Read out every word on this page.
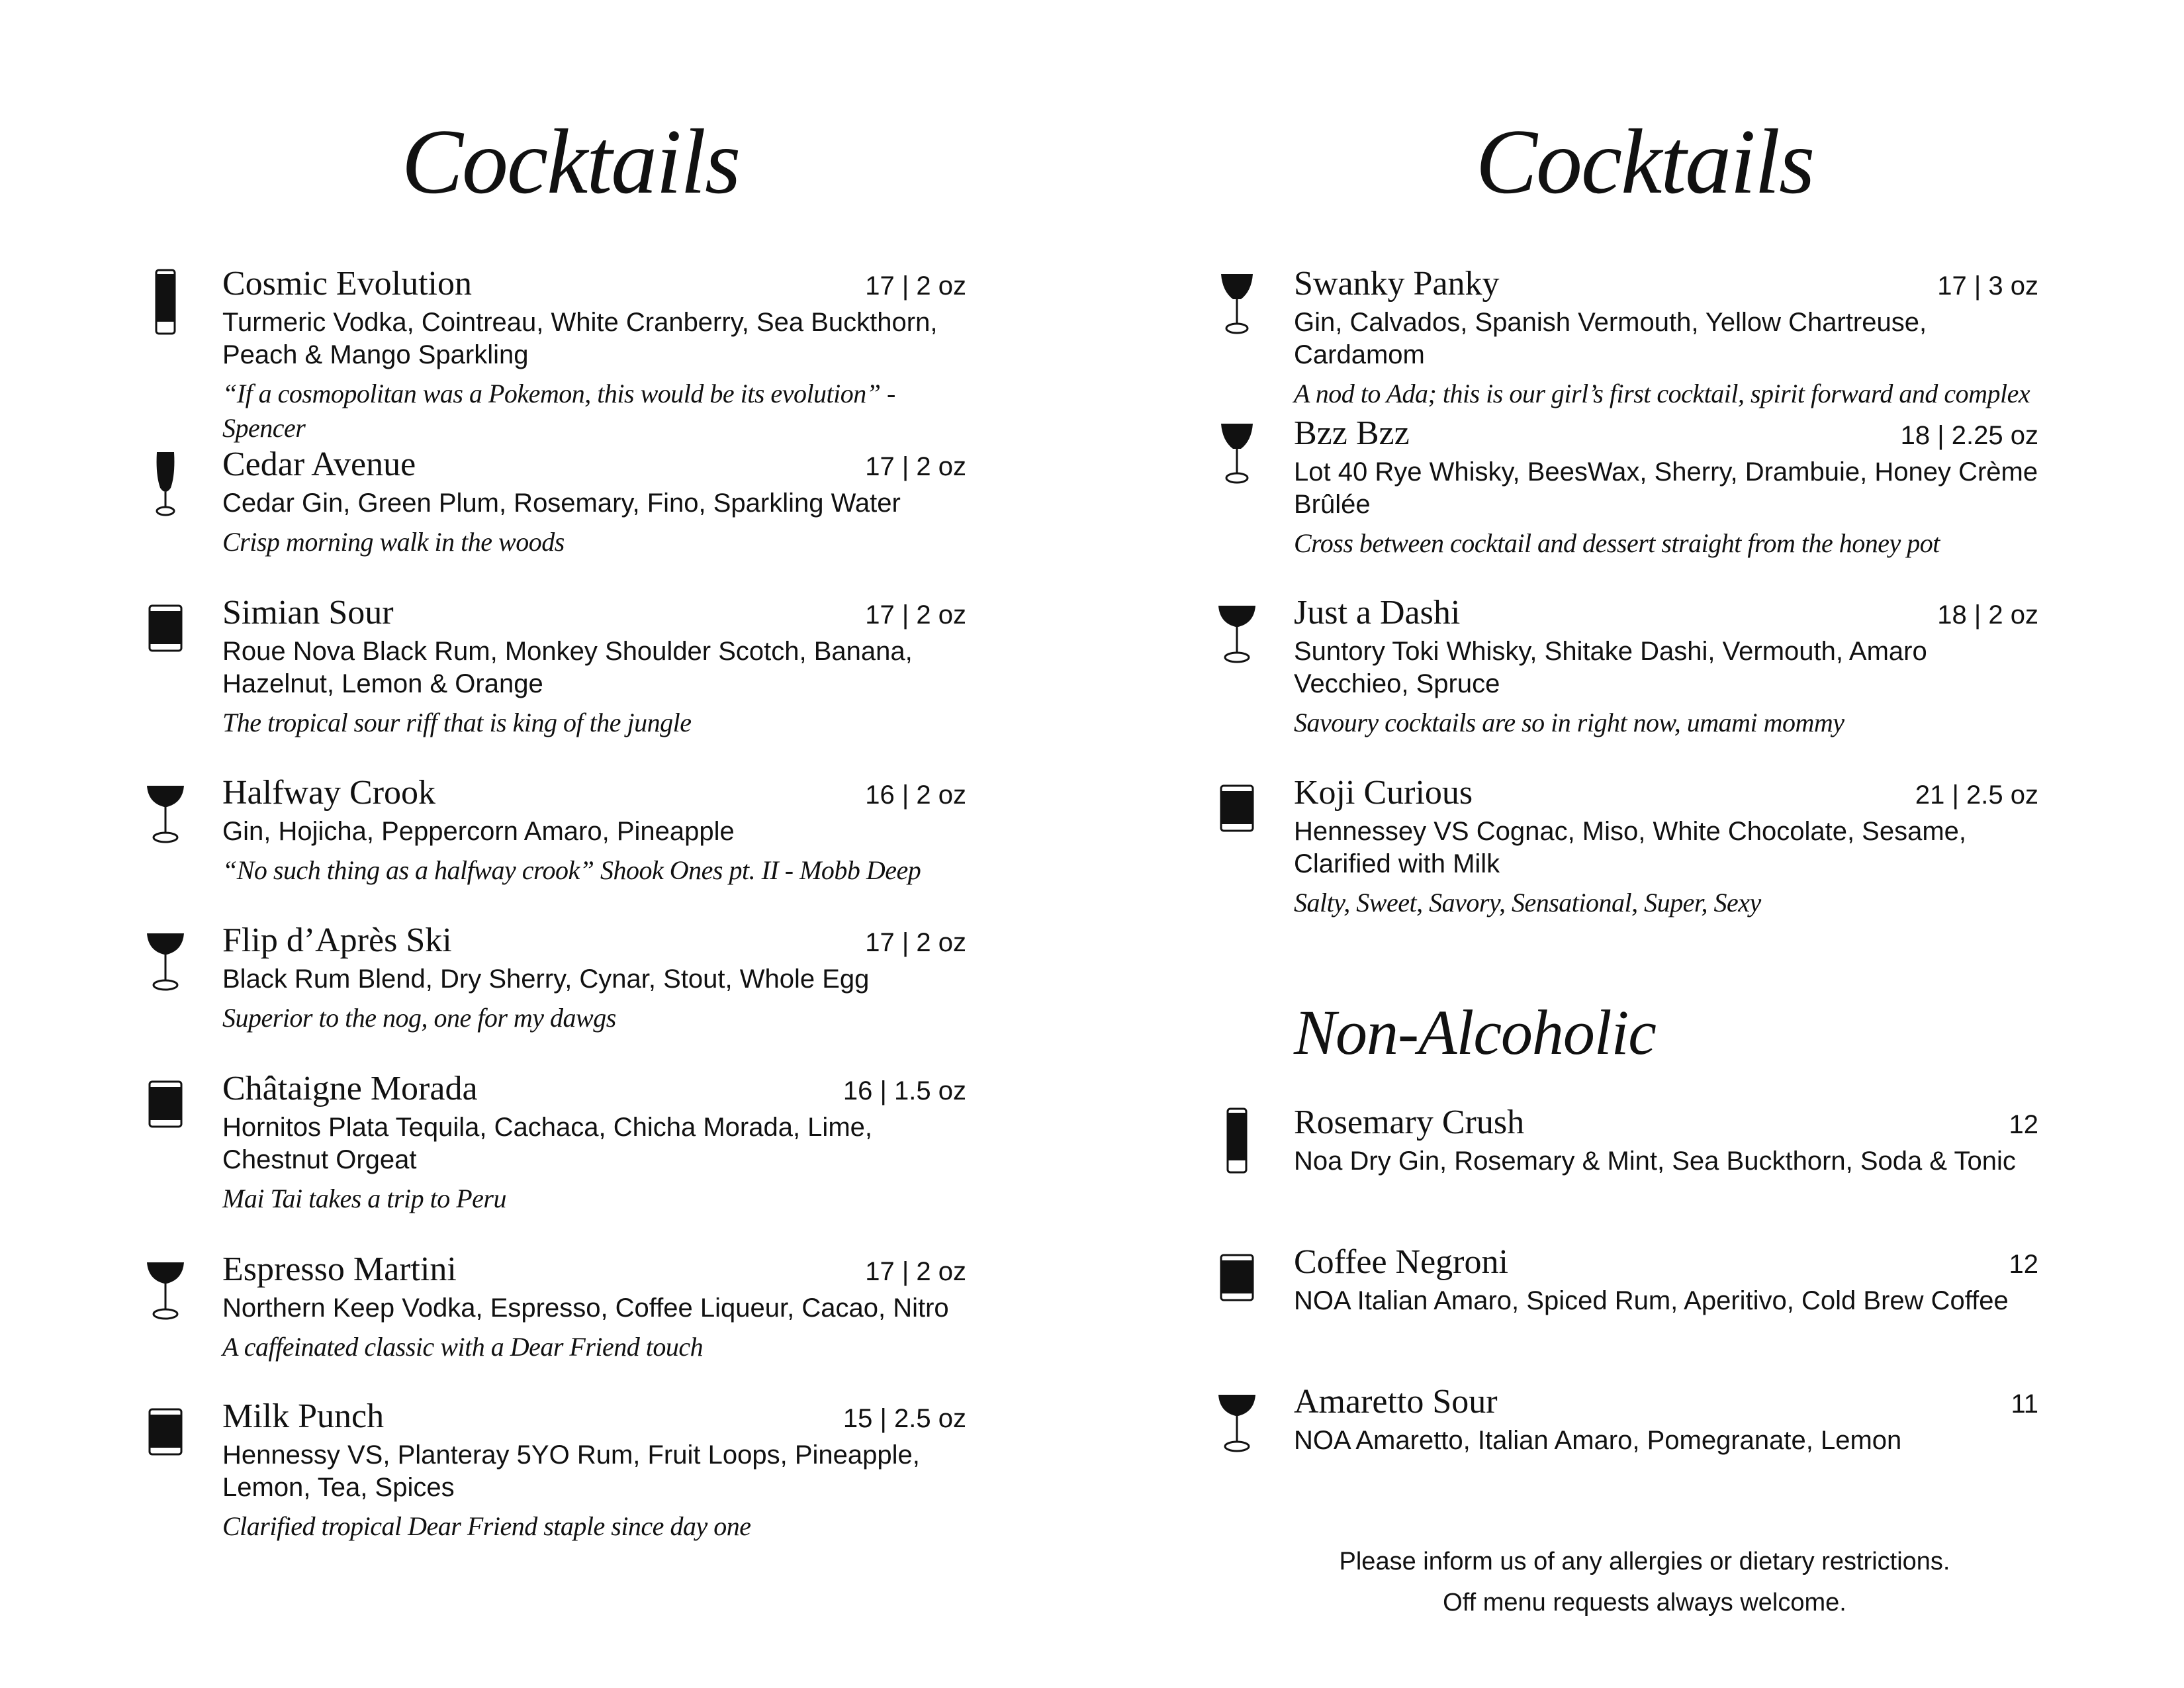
Cocktails	Cocktails
Non-Alcoholic
Cosmic Evolution	17 | 2 oz
Turmeric Vodka, Cointreau, White Cranberry, Sea Buckthorn, Peach & Mango Sparkling
“If a cosmopolitan was a Pokemon, this would be its evolution” - Spencer
Cedar Avenue	17 | 2 oz
Cedar Gin, Green Plum, Rosemary, Fino, Sparkling Water
Crisp morning walk in the woods
Simian Sour	17 | 2 oz
Roue Nova Black Rum, Monkey Shoulder Scotch, Banana, Hazelnut, Lemon & Orange
The tropical sour riff that is king of the jungle
Halfway Crook	16 | 2 oz
Gin, Hojicha, Peppercorn Amaro, Pineapple
“No such thing as a halfway crook” Shook Ones pt. II - Mobb Deep
Flip d’Après Ski	17 | 2 oz
Black Rum Blend, Dry Sherry, Cynar, Stout, Whole Egg
Superior to the nog, one for my dawgs
Châtaigne Morada	16 | 1.5 oz
Hornitos Plata Tequila, Cachaca, Chicha Morada, Lime, Chestnut Orgeat
Mai Tai takes a trip to Peru
Espresso Martini	17 | 2 oz
Northern Keep Vodka, Espresso, Coffee Liqueur, Cacao, Nitro
A caffeinated classic with a Dear Friend touch
Milk Punch	15 | 2.5 oz
Hennessy VS, Planteray 5YO Rum, Fruit Loops, Pineapple, Lemon, Tea, Spices
Clarified tropical Dear Friend staple since day one
Swanky Panky	17 | 3 oz
Gin, Calvados, Spanish Vermouth, Yellow Chartreuse, Cardamom
A nod to Ada; this is our girl’s first cocktail, spirit forward and complex
Bzz Bzz	18 | 2.25 oz
Lot 40 Rye Whisky, BeesWax, Sherry, Drambuie, Honey Crème Brûlée
Cross between cocktail and dessert straight from the honey pot
Just a Dashi	18 | 2 oz
Suntory Toki Whisky, Shitake Dashi, Vermouth, Amaro Vecchieo, Spruce
Savoury cocktails are so in right now, umami mommy
Koji Curious	21 | 2.5 oz
Hennessey VS Cognac, Miso, White Chocolate, Sesame, Clarified with Milk
Salty, Sweet, Savory, Sensational, Super, Sexy
Rosemary Crush	12
Noa Dry Gin, Rosemary & Mint, Sea Buckthorn, Soda & Tonic
Coffee Negroni	12
NOA Italian Amaro, Spiced Rum, Aperitivo, Cold Brew Coffee
Amaretto Sour	11
NOA Amaretto, Italian Amaro, Pomegranate, Lemon
Please inform us of any allergies or dietary restrictions.
Off menu requests always welcome.
